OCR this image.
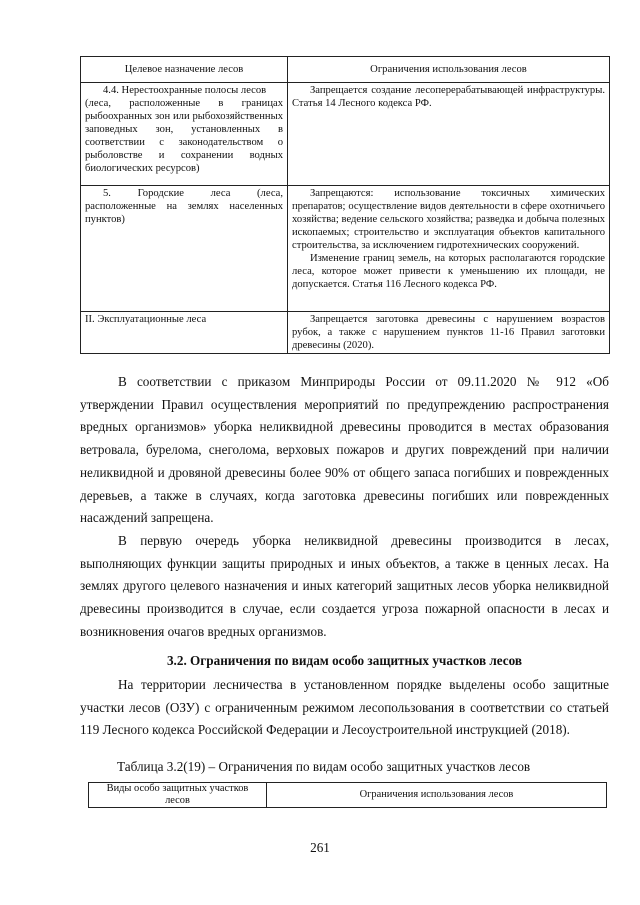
Целевое назначение лесов	Ограничения использования лесов

4.4. Нерестоохранные полосы лесов
(леса, расположенные в границах рыбоохранных зон или рыбохозяйственных заповедных зон, установленных в соответствии с законодательством о рыболовстве и сохранении водных биологических ресурсов)	Запрещается создание лесоперерабатывающей инфраструктуры. Статья 14 Лесного кодекса РФ.

5. Городские леса (леса, расположенные на землях населенных пунктов)	Запрещаются: использование токсичных химических препаратов; осуществление видов деятельности в сфере охотничьего хозяйства; ведение сельского хозяйства; разведка и добыча полезных ископаемых; строительство и эксплуатация объектов капитального строительства, за исключением гидротехнических сооружений.
Изменение границ земель, на которых располагаются городские леса, которое может привести к уменьшению их площади, не допускается. Статья 116 Лесного кодекса РФ.

II. Эксплуатационные леса	Запрещается заготовка древесины с нарушением возрастов рубок, а также с нарушением пунктов 11-16 Правил заготовки древесины (2020).

В соответствии с приказом Минприроды России от 09.11.2020 № 912 «Об утверждении Правил осуществления мероприятий по предупреждению распространения вредных организмов» уборка неликвидной древесины проводится в местах образования ветровала, бурелома, снеголома, верховых пожаров и других повреждений при наличии неликвидной и дровяной древесины более 90% от общего запаса погибших и поврежденных деревьев, а также в случаях, когда заготовка древесины погибших или поврежденных насаждений запрещена.

В первую очередь уборка неликвидной древесины производится в лесах, выполняющих функции защиты природных и иных объектов, а также в ценных лесах. На землях другого целевого назначения и иных категорий защитных лесов уборка неликвидной древесины производится в случае, если создается угроза пожарной опасности в лесах и возникновения очагов вредных организмов.

3.2. Ограничения по видам особо защитных участков лесов

На территории лесничества в установленном порядке выделены особо защитные участки лесов (ОЗУ) с ограниченным режимом лесопользования в соответствии со статьей 119 Лесного кодекса Российской Федерации и Лесоустроительной инструкцией (2018).

Таблица 3.2(19) – Ограничения по видам особо защитных участков лесов
Виды особо защитных участков лесов	Ограничения использования лесов
261
